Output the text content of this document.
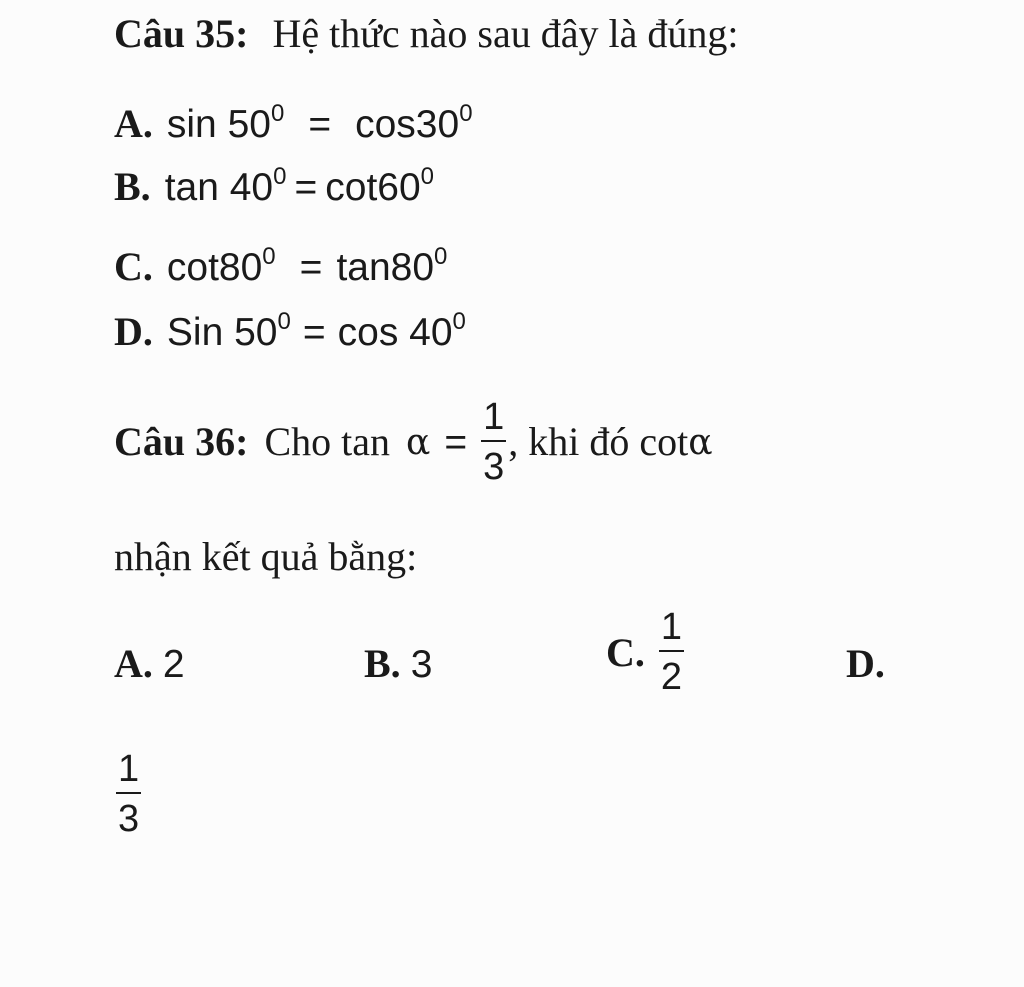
Câu 35: Hệ thức nào sau đây là đúng:
A. $\sin 50^0 = \cos 30^0$
B. $\tan 40^0 = \cot 60^0$
C. $\cot 80^0 = \tan 80^0$
D. Sin $50^0 = \cos 40^0$
Câu 36: Cho $\tan \alpha = \frac{1}{3}$ , khi đó cot α
nhận kết quả bằng:
A. 2	B. 3	C. $\frac{1}{2}$	D.
$\frac{1}{3}$
